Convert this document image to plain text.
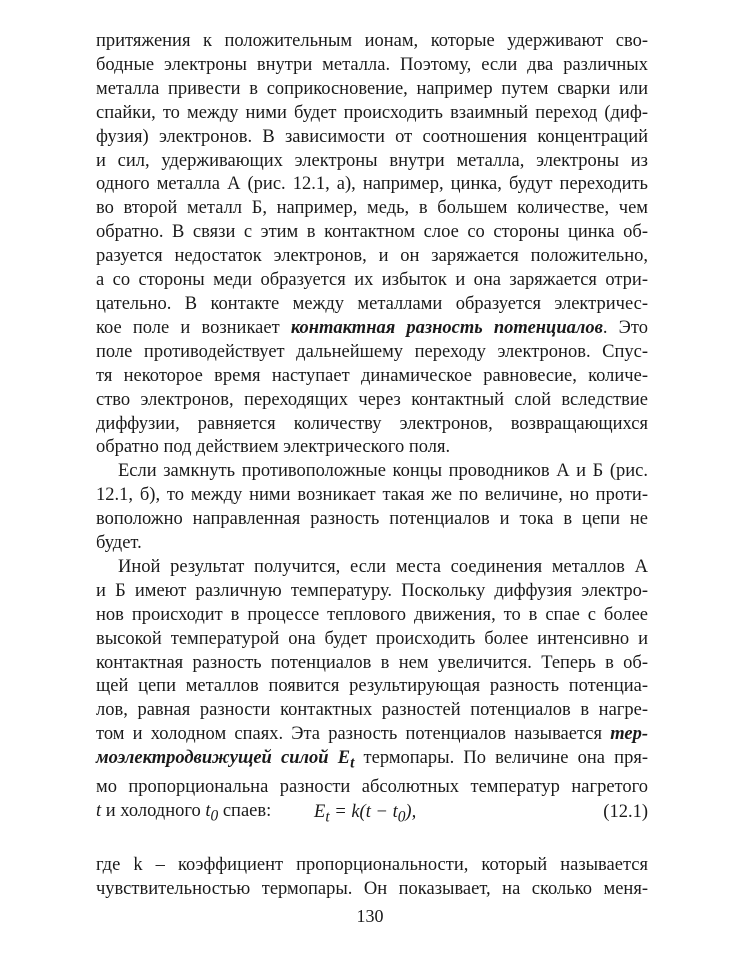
притяжения к положительным ионам, которые удерживают сво-
бодные электроны внутри металла. Поэтому, если два различных
металла привести в соприкосновение, например путем сварки или
спайки, то между ними будет происходить взаимный переход (диф-
фузия) электронов. В зависимости от соотношения концентраций
и сил, удерживающих электроны внутри металла, электроны из
одного металла А (рис. 12.1, а), например, цинка, будут переходить
во второй металл Б, например, медь, в большем количестве, чем
обратно. В связи с этим в контактном слое со стороны цинка об-
разуется недостаток электронов, и он заряжается положительно,
а со стороны меди образуется их избыток и она заряжается отри-
цательно. В контакте между металлами образуется электричес-
кое поле и возникает контактная разность потенциалов. Это
поле противодействует дальнейшему переходу электронов. Спус-
тя некоторое время наступает динамическое равновесие, количе-
ство электронов, переходящих через контактный слой вследствие
диффузии, равняется количеству электронов, возвращающихся
обратно под действием электрического поля.
Если замкнуть противоположные концы проводников А и Б (рис.
12.1, б), то между ними возникает такая же по величине, но проти-
воположно направленная разность потенциалов и тока в цепи не
будет.
Иной результат получится, если места соединения металлов А
и Б имеют различную температуру. Поскольку диффузия электро-
нов происходит в процессе теплового движения, то в спае с более
высокой температурой она будет происходить более интенсивно и
контактная разность потенциалов в нем увеличится. Теперь в об-
щей цепи металлов появится результирующая разность потенциа-
лов, равная разности контактных разностей потенциалов в нагре-
том и холодном спаях. Эта разность потенциалов называется тер-
моэлектродвижущей силой $E_t$ термопары. По величине она пря-
мо пропорциональна разности абсолютных температур нагретого
t и холодного $t_0$ спаев:	$E_t = k(t - t_0)$,	(12.1)
где k – коэффициент пропорциональности, который называется
чувствительностью термопары. Он показывает, на сколько меня-
130
